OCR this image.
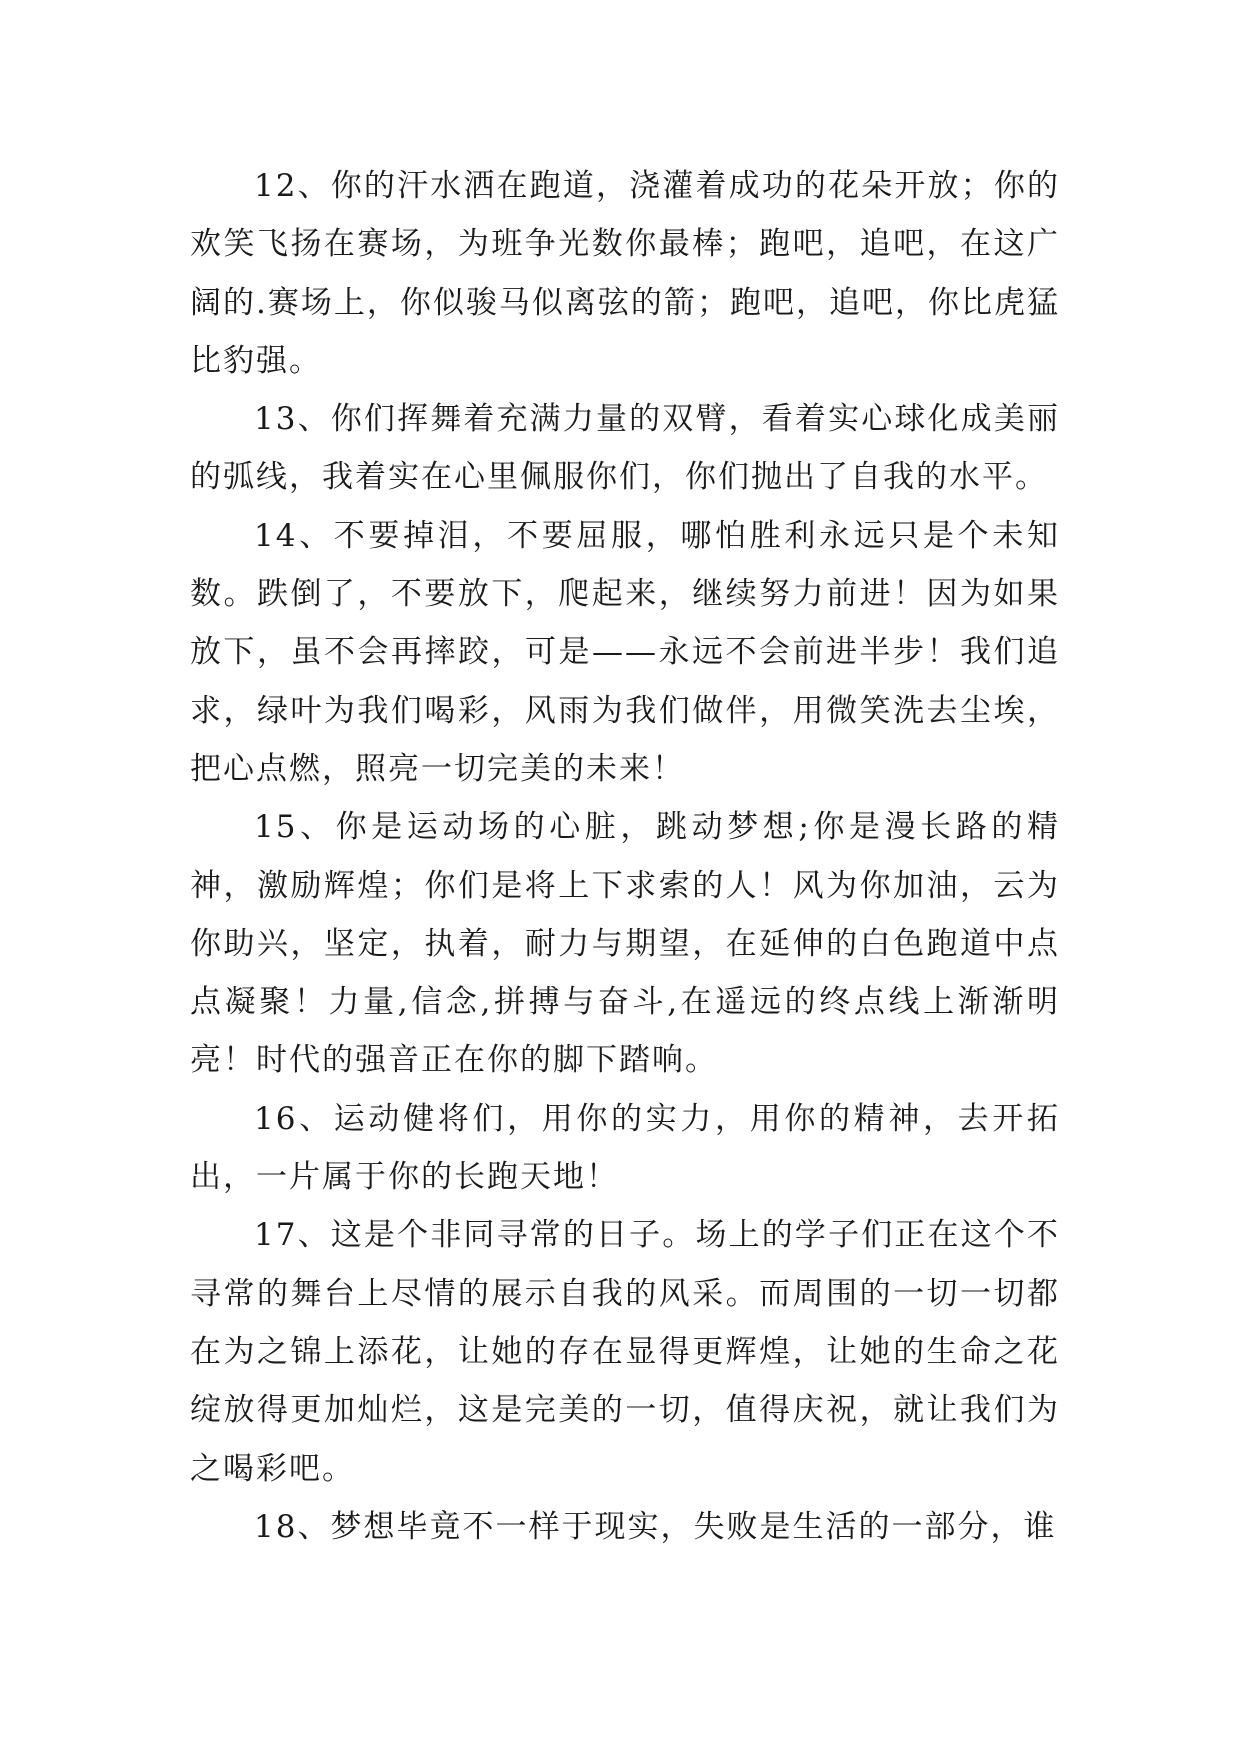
12、你的汗水洒在跑道，浇灌着成功的花朵开放；你的欢笑飞扬在赛场，为班争光数你最棒；跑吧，追吧，在这广阔的.赛场上，你似骏马似离弦的箭；跑吧，追吧，你比虎猛比豹强。

13、你们挥舞着充满力量的双臂，看着实心球化成美丽的弧线，我着实在心里佩服你们，你们抛出了自我的水平。

14、不要掉泪，不要屈服，哪怕胜利永远只是个未知数。跌倒了，不要放下，爬起来，继续努力前进！因为如果放下，虽不会再摔跤，可是——永远不会前进半步！我们追求，绿叶为我们喝彩，风雨为我们做伴，用微笑洗去尘埃，把心点燃，照亮一切完美的未来！

15、你是运动场的心脏，跳动梦想;你是漫长路的精神，激励辉煌；你们是将上下求索的人！风为你加油，云为你助兴，坚定，执着，耐力与期望，在延伸的白色跑道中点点凝聚！力量,信念,拼搏与奋斗,在遥远的终点线上渐渐明亮！时代的强音正在你的脚下踏响。

16、运动健将们，用你的实力，用你的精神，去开拓出，一片属于你的长跑天地！

17、这是个非同寻常的日子。场上的学子们正在这个不寻常的舞台上尽情的展示自我的风采。而周围的一切一切都在为之锦上添花，让她的存在显得更辉煌，让她的生命之花绽放得更加灿烂，这是完美的一切，值得庆祝，就让我们为之喝彩吧。

18、梦想毕竟不一样于现实，失败是生活的一部分，谁
